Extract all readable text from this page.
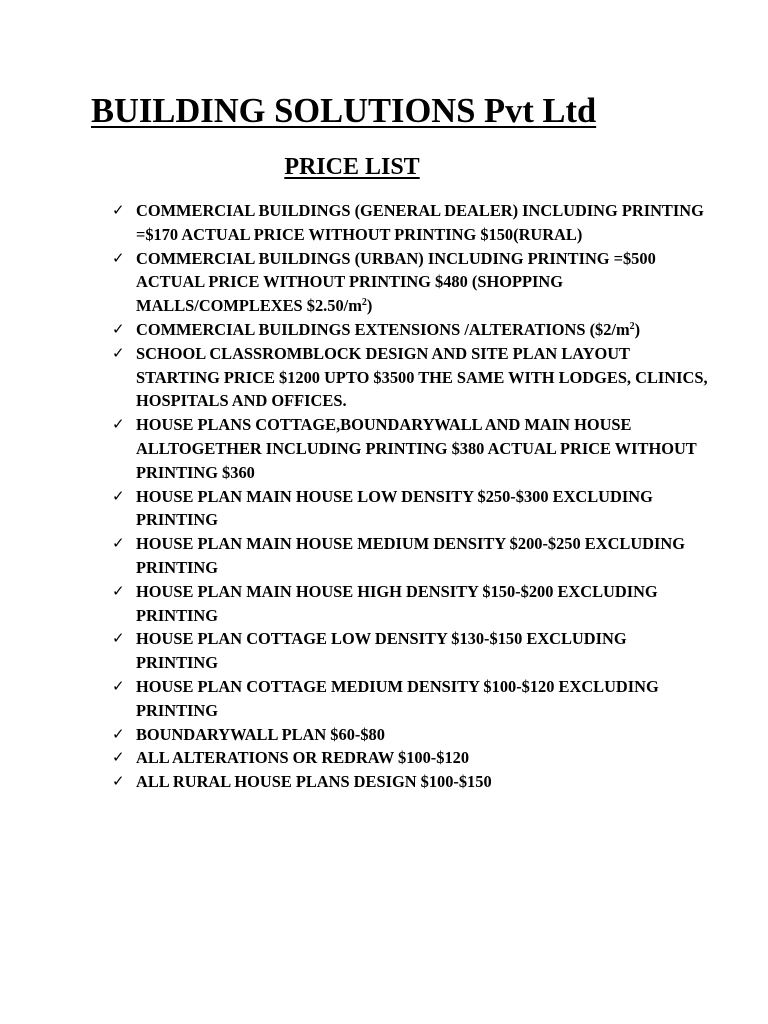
BUILDING SOLUTIONS Pvt Ltd
PRICE LIST
✓ COMMERCIAL BUILDINGS (GENERAL DEALER) INCLUDING PRINTING =$170 ACTUAL PRICE WITHOUT PRINTING $150(RURAL)
✓ COMMERCIAL BUILDINGS (URBAN) INCLUDING PRINTING =$500 ACTUAL PRICE WITHOUT PRINTING $480 (SHOPPING MALLS/COMPLEXES $\$2.50/m^2$)
✓ COMMERCIAL BUILDINGS EXTENSIONS /ALTERATIONS $(\$2/m^2)$
✓ SCHOOL CLASSROMBLOCK DESIGN AND SITE PLAN LAYOUT STARTING PRICE $1200 UPTO $3500 THE SAME WITH LODGES, CLINICS, HOSPITALS AND OFFICES.
✓ HOUSE PLANS COTTAGE,BOUNDARYWALL AND MAIN HOUSE ALLTOGETHER INCLUDING PRINTING $380 ACTUAL PRICE WITHOUT PRINTING $360
✓ HOUSE PLAN MAIN HOUSE LOW DENSITY $250-$300 EXCLUDING PRINTING
✓ HOUSE PLAN MAIN HOUSE MEDIUM DENSITY $200-$250 EXCLUDING PRINTING
✓ HOUSE PLAN MAIN HOUSE HIGH DENSITY $150-$200 EXCLUDING PRINTING
✓ HOUSE PLAN COTTAGE LOW DENSITY $130-$150 EXCLUDING PRINTING
✓ HOUSE PLAN COTTAGE MEDIUM DENSITY $100-$120 EXCLUDING PRINTING
✓ BOUNDARYWALL PLAN $60-$80
✓ ALL ALTERATIONS OR REDRAW $100-$120
✓ ALL RURAL HOUSE PLANS DESIGN $100-$150
